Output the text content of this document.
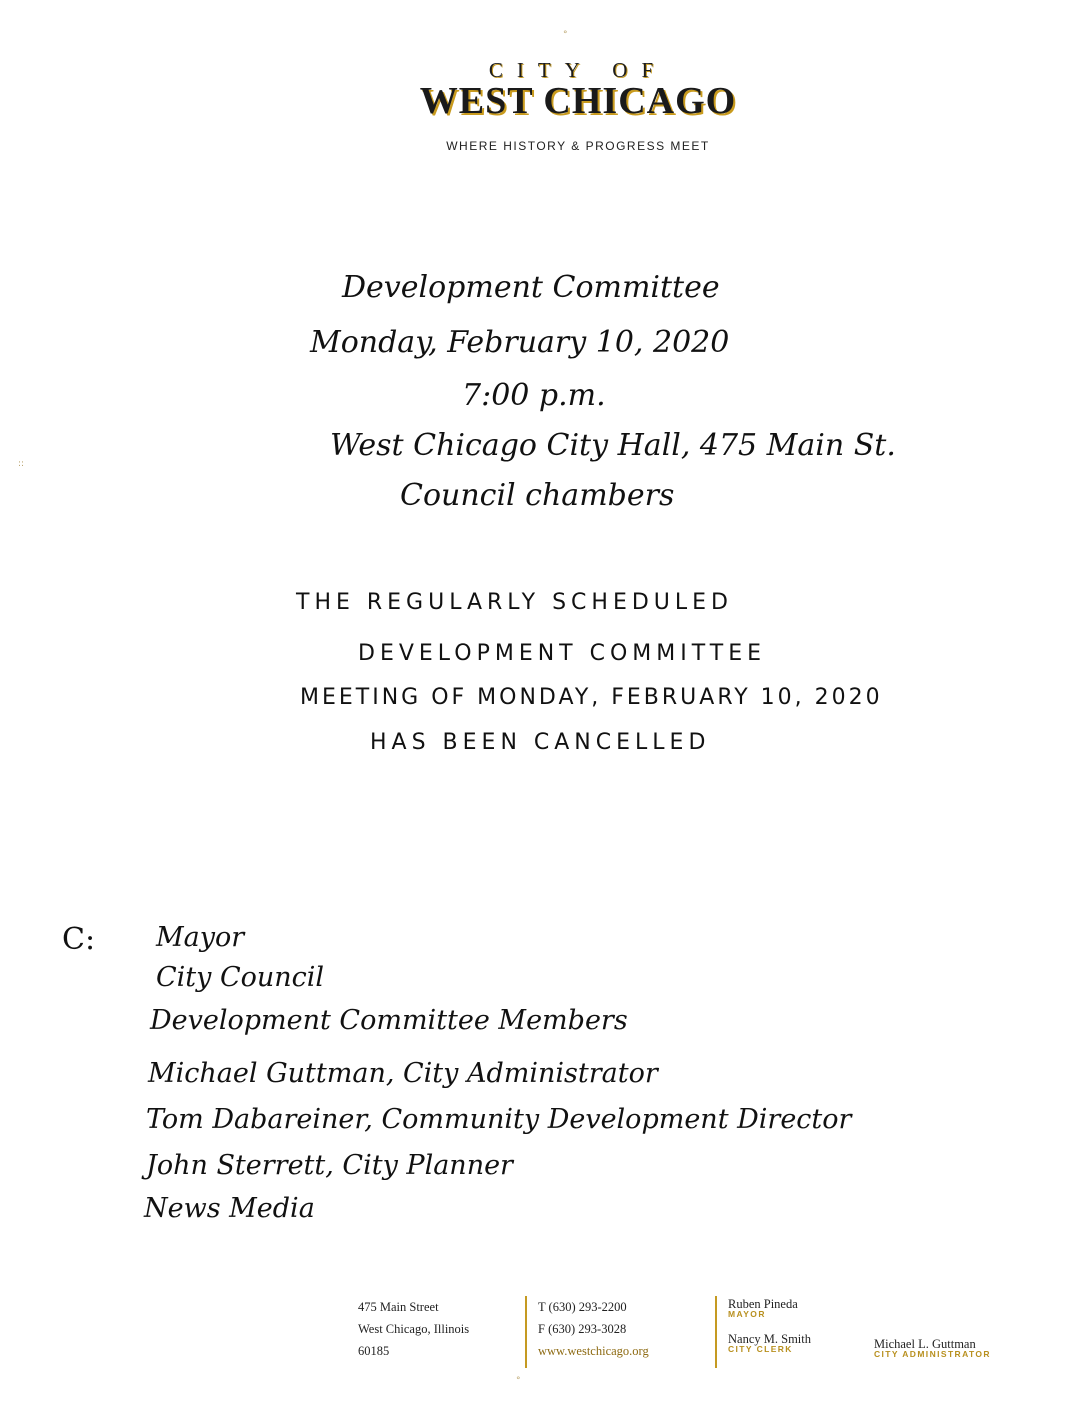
°
::
°
CITY OF
WEST CHICAGO
WHERE HISTORY & PROGRESS MEET
Development Committee
Monday, February 10, 2020
7:00 p.m.
West Chicago City Hall, 475 Main St.
Council chambers
THE REGULARLY SCHEDULED
DEVELOPMENT COMMITTEE
MEETING OF MONDAY, FEBRUARY 10, 2020
HAS BEEN CANCELLED
C: Mayor
City Council
Development Committee Members
Michael Guttman, City Administrator
Tom Dabareiner, Community Development Director
John Sterrett, City Planner
News Media
475 Main Street
West Chicago, Illinois
60185
T (630) 293-2200
F (630) 293-3028
www.westchicago.org
Ruben Pineda
MAYOR
Nancy M. Smith
CITY CLERK	Michael L. Guttman
CITY ADMINISTRATOR
